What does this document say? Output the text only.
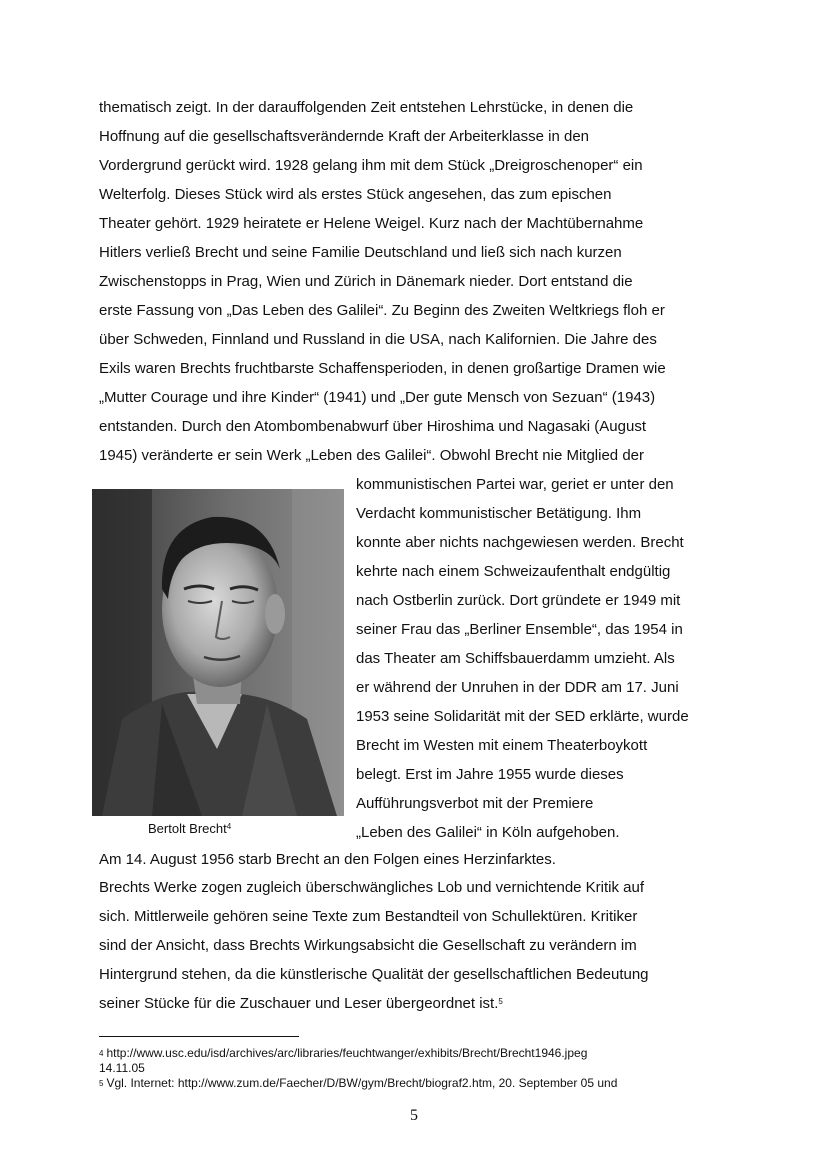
thematisch zeigt. In der darauffolgenden Zeit entstehen Lehrstücke, in denen die
Hoffnung auf die gesellschaftsverändernde Kraft der Arbeiterklasse in den
Vordergrund gerückt wird. 1928 gelang ihm mit dem Stück „Dreigroschenoper“ ein
Welterfolg. Dieses Stück wird als erstes Stück angesehen, das zum epischen
Theater gehört. 1929 heiratete er Helene Weigel. Kurz nach der Machtübernahme
Hitlers verließ Brecht und seine Familie Deutschland und ließ sich nach kurzen
Zwischenstopps in Prag, Wien und Zürich in Dänemark nieder. Dort entstand die
erste Fassung von „Das Leben des Galilei“. Zu Beginn des Zweiten Weltkriegs floh er
über Schweden, Finnland und Russland in die USA, nach Kalifornien. Die Jahre des
Exils waren Brechts fruchtbarste Schaffensperioden, in denen großartige Dramen wie
„Mutter Courage und ihre Kinder“ (1941) und „Der gute Mensch von Sezuan“ (1943)
entstanden. Durch den Atombombenabwurf über Hiroshima und Nagasaki (August
1945) veränderte er sein Werk „Leben des Galilei“. Obwohl Brecht nie Mitglied der
Bertolt Brecht$^4$
kommunistischen Partei war, geriet er unter den
Verdacht kommunistischer Betätigung. Ihm
konnte aber nichts nachgewiesen werden. Brecht
kehrte nach einem Schweizaufenthalt endgültig
nach Ostberlin zurück. Dort gründete er 1949 mit
seiner Frau das „Berliner Ensemble“, das 1954 in
das Theater am Schiffsbauerdamm umzieht. Als
er während der Unruhen in der DDR am 17. Juni
1953 seine Solidarität mit der SED erklärte, wurde
Brecht im Westen mit einem Theaterboykott
belegt. Erst im Jahre 1955 wurde dieses
Aufführungsverbot mit der Premiere
„Leben des Galilei“ in Köln aufgehoben.
Am 14. August 1956 starb Brecht an den Folgen eines Herzinfarktes.
Brechts Werke zogen zugleich überschwängliches Lob und vernichtende Kritik auf
sich. Mittlerweile gehören seine Texte zum Bestandteil von Schullektüren. Kritiker
sind der Ansicht, dass Brechts Wirkungsabsicht die Gesellschaft zu verändern im
Hintergrund stehen, da die künstlerische Qualität der gesellschaftlichen Bedeutung
seiner Stücke für die Zuschauer und Leser übergeordnet ist.$^5$
$^4$ http://www.usc.edu/isd/archives/arc/libraries/feuchtwanger/exhibits/Brecht/Brecht1946.jpeg
14.11.05
$^5$ Vgl. Internet: http://www.zum.de/Faecher/D/BW/gym/Brecht/biograf2.htm, 20. September 05 und
5
